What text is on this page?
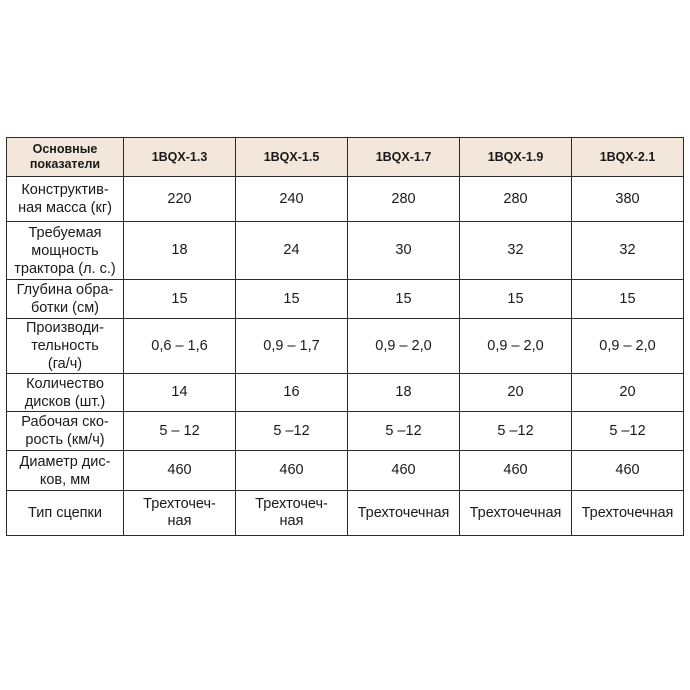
Основные показатели	1BQX-1.3	1BQX-1.5	1BQX-1.7	1BQX-1.9	1BQX-2.1
Конструктив-
ная масса (кг)	220	240	280	280	380
Требуемая
мощность
трактора (л. с.)	18	24	30	32	32
Глубина обра-
ботки (см)	15	15	15	15	15
Производи-
тельность
(га/ч)	0,6 – 1,6	0,9 – 1,7	0,9 – 2,0	0,9 – 2,0	0,9 – 2,0
Количество
дисков (шт.)	14	16	18	20	20
Рабочая ско-
рость (км/ч)	5 – 12	5 –12	5 –12	5 –12	5 –12
Диаметр дис-
ков, мм	460	460	460	460	460
Тип сцепки	Трехточеч-
ная	Трехточеч-
ная	Трехточечная	Трехточечная	Трехточечная
